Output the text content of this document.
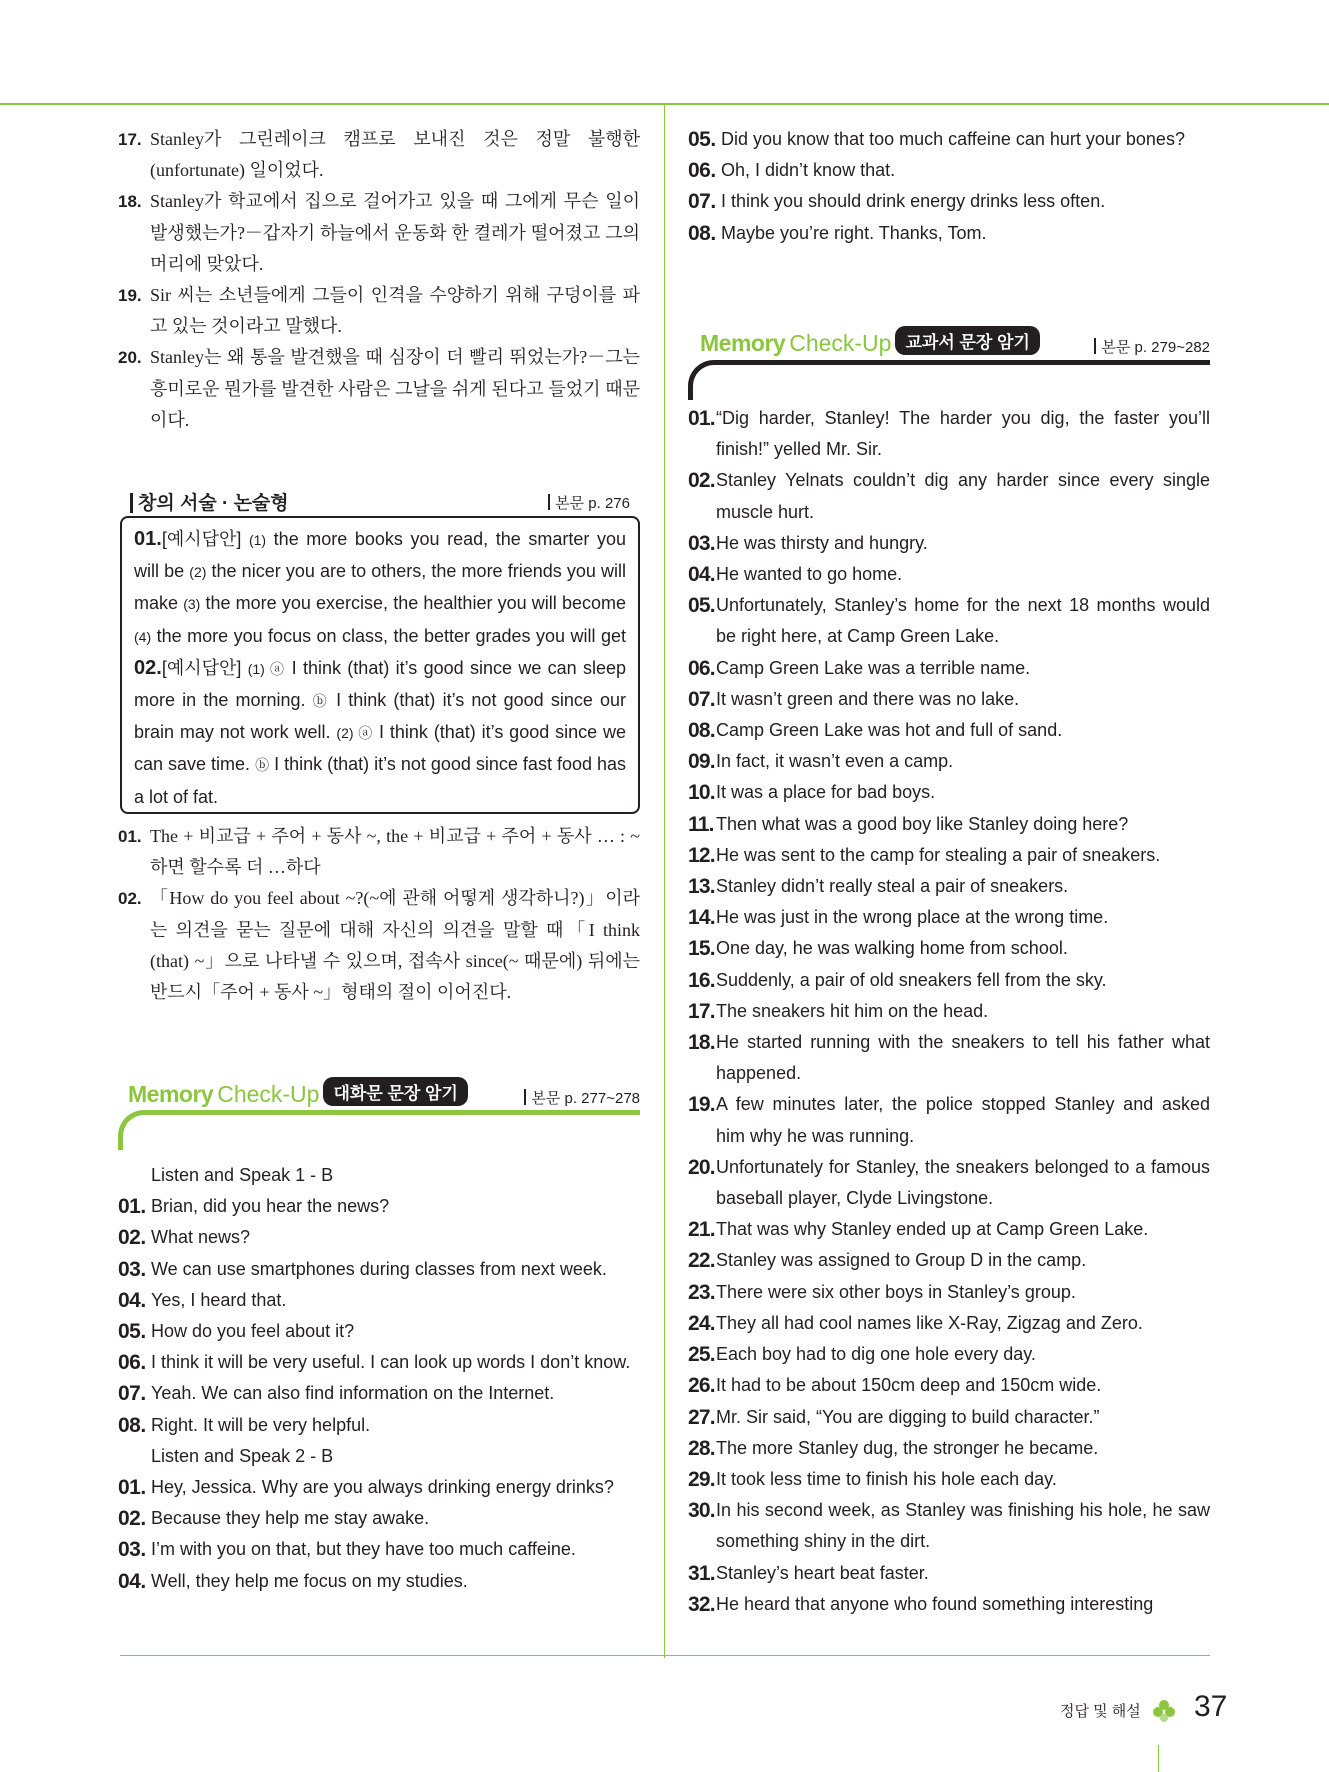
17. Stanley가 그린레이크 캠프로 보내진 것은 정말 불행한(unfortunate) 일이었다.
18. Stanley가 학교에서 집으로 걸어가고 있을 때 그에게 무슨 일이 발생했는가?－갑자기 하늘에서 운동화 한 켤레가 떨어졌고 그의 머리에 맞았다.
19. Sir 씨는 소년들에게 그들이 인격을 수양하기 위해 구덩이를 파고 있는 것이라고 말했다.
20. Stanley는 왜 통을 발견했을 때 심장이 더 빨리 뛰었는가?－그는 흥미로운 뭔가를 발견한 사람은 그날을 쉬게 된다고 들었기 때문이다.
창의 서술 · 논술형	본문 p. 276
01.[예시답안] (1) the more books you read, the smarter you will be (2) the nicer you are to others, the more friends you will make (3) the more you exercise, the healthier you will become (4) the more you focus on class, the better grades you will get 02.[예시답안] (1) ⓐ I think (that) it’s good since we can sleep more in the morning. ⓑ I think (that) it’s not good since our brain may not work well. (2) ⓐ I think (that) it’s good since we can save time. ⓑ I think (that) it’s not good since fast food has a lot of fat.
01. The + 비교급 + 주어 + 동사 ~, the + 비교급 + 주어 + 동사 … : ~하면 할수록 더 …하다
02. 「How do you feel about ~?(~에 관해 어떻게 생각하니?)」이라는 의견을 묻는 질문에 대해 자신의 의견을 말할 때「I think (that) ~」으로 나타낼 수 있으며, 접속사 since(~ 때문에) 뒤에는 반드시「주어 + 동사 ~」형태의 절이 이어진다.
Memory Check-Up 대화문 문장 암기	본문 p. 277~278
Listen and Speak 1 - B
01. Brian, did you hear the news?
02. What news?
03. We can use smartphones during classes from next week.
04. Yes, I heard that.
05. How do you feel about it?
06. I think it will be very useful. I can look up words I don’t know.
07. Yeah. We can also find information on the Internet.
08. Right. It will be very helpful.
Listen and Speak 2 - B
01. Hey, Jessica. Why are you always drinking energy drinks?
02. Because they help me stay awake.
03. I’m with you on that, but they have too much caffeine.
04. Well, they help me focus on my studies.
05. Did you know that too much caffeine can hurt your bones?
06. Oh, I didn’t know that.
07. I think you should drink energy drinks less often.
08. Maybe you’re right. Thanks, Tom.
Memory Check-Up 교과서 문장 암기	본문 p. 279~282
01. “Dig harder, Stanley! The harder you dig, the faster you’ll finish!” yelled Mr. Sir.
02. Stanley Yelnats couldn’t dig any harder since every single muscle hurt.
03. He was thirsty and hungry.
04. He wanted to go home.
05. Unfortunately, Stanley’s home for the next 18 months would be right here, at Camp Green Lake.
06. Camp Green Lake was a terrible name.
07. It wasn’t green and there was no lake.
08. Camp Green Lake was hot and full of sand.
09. In fact, it wasn’t even a camp.
10. It was a place for bad boys.
11. Then what was a good boy like Stanley doing here?
12. He was sent to the camp for stealing a pair of sneakers.
13. Stanley didn’t really steal a pair of sneakers.
14. He was just in the wrong place at the wrong time.
15. One day, he was walking home from school.
16. Suddenly, a pair of old sneakers fell from the sky.
17. The sneakers hit him on the head.
18. He started running with the sneakers to tell his father what happened.
19. A few minutes later, the police stopped Stanley and asked him why he was running.
20. Unfortunately for Stanley, the sneakers belonged to a famous baseball player, Clyde Livingstone.
21. That was why Stanley ended up at Camp Green Lake.
22. Stanley was assigned to Group D in the camp.
23. There were six other boys in Stanley’s group.
24. They all had cool names like X-Ray, Zigzag and Zero.
25. Each boy had to dig one hole every day.
26. It had to be about 150cm deep and 150cm wide.
27. Mr. Sir said, “You are digging to build character.”
28. The more Stanley dug, the stronger he became.
29. It took less time to finish his hole each day.
30. In his second week, as Stanley was finishing his hole, he saw something shiny in the dirt.
31. Stanley’s heart beat faster.
32. He heard that anyone who found something interesting
정답 및 해설 37
